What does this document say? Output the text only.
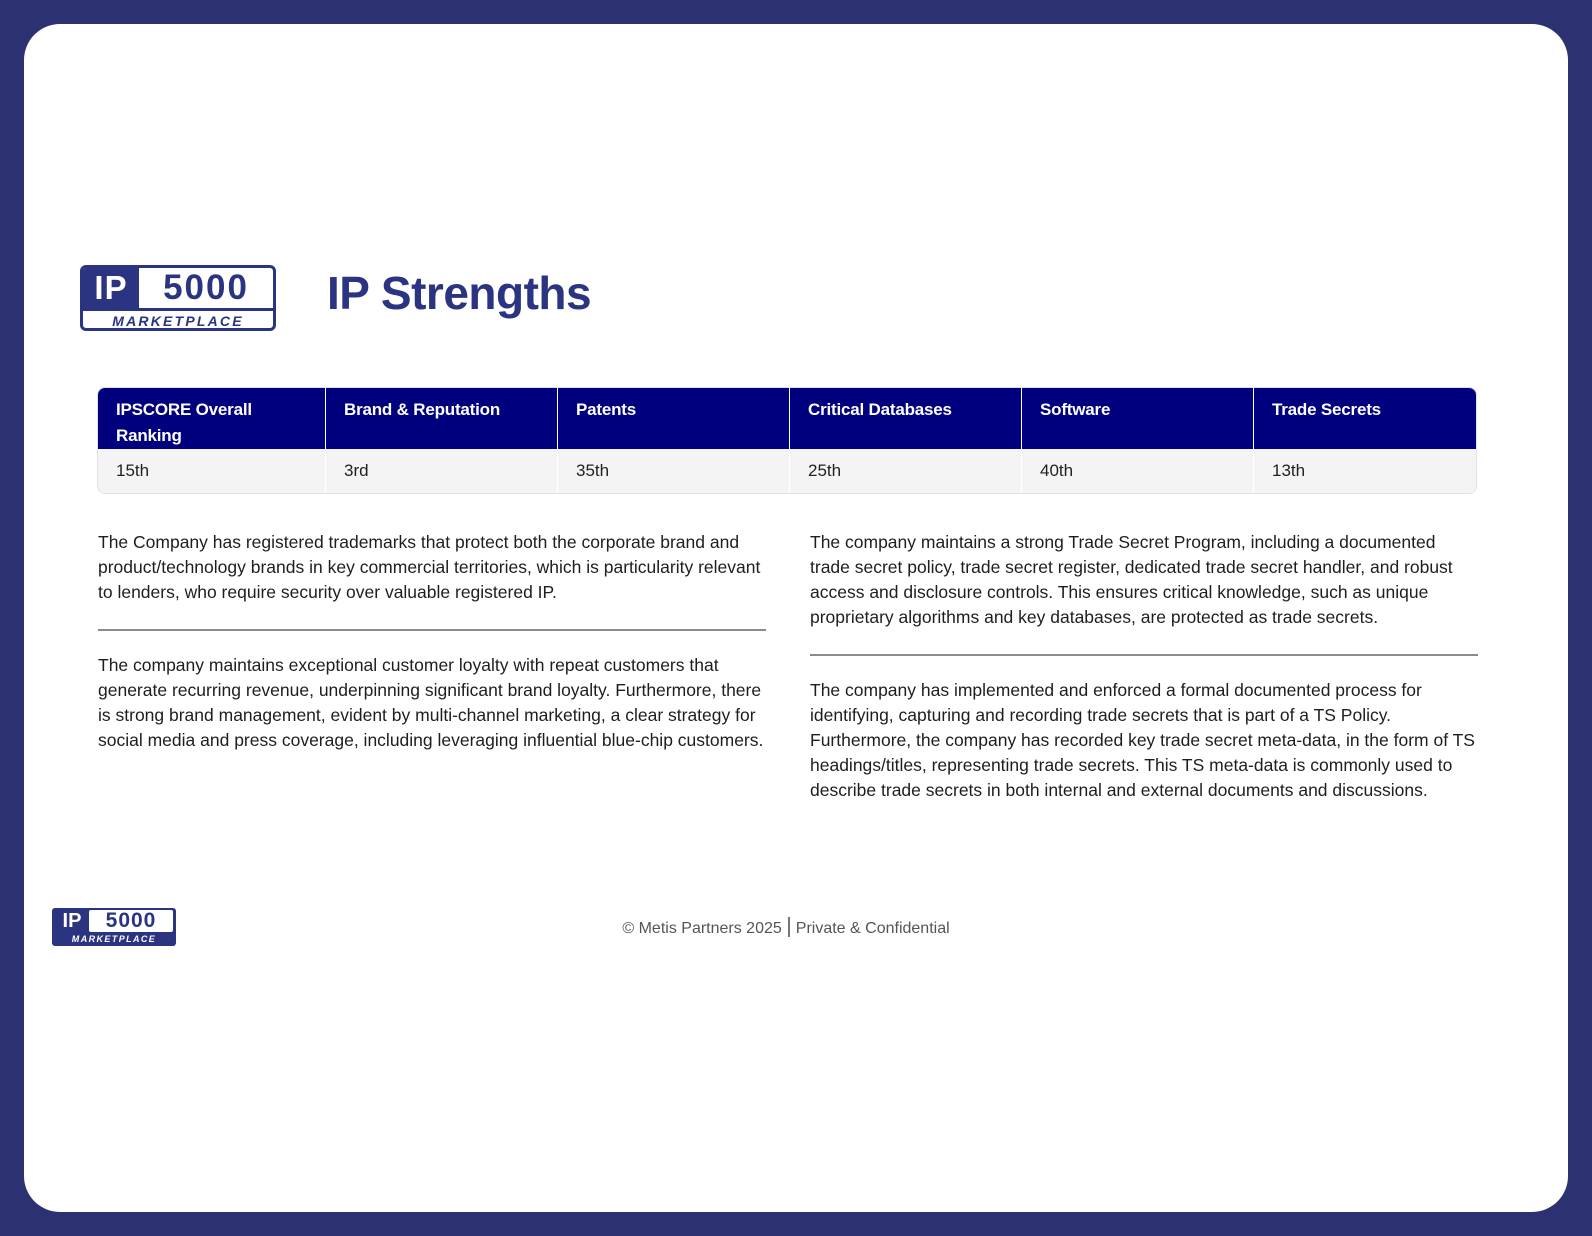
IP	5000
MARKETPLACE
IP Strengths
IPSCORE Overall Ranking	Brand & Reputation	Patents	Critical Databases	Software	Trade Secrets
15th	3rd	35th	25th	40th	13th

The Company has registered trademarks that protect both the corporate brand and product/technology brands in key commercial territories, which is particularity relevant to lenders, who require security over valuable registered IP.

The company maintains exceptional customer loyalty with repeat customers that generate recurring revenue, underpinning significant brand loyalty. Furthermore, there is strong brand management, evident by multi-channel marketing, a clear strategy for social media and press coverage, including leveraging influential blue-chip customers.

The company maintains a strong Trade Secret Program, including a documented trade secret policy, trade secret register, dedicated trade secret handler, and robust access and disclosure controls. This ensures critical knowledge, such as unique proprietary algorithms and key databases, are protected as trade secrets.

The company has implemented and enforced a formal documented process for identifying, capturing and recording trade secrets that is part of a TS Policy. Furthermore, the company has recorded key trade secret meta-data, in the form of TS headings/titles, representing trade secrets. This TS meta-data is commonly used to describe trade secrets in both internal and external documents and discussions.

IP	5000
MARKETPLACE
© Metis Partners 2025 Private & Confidential
